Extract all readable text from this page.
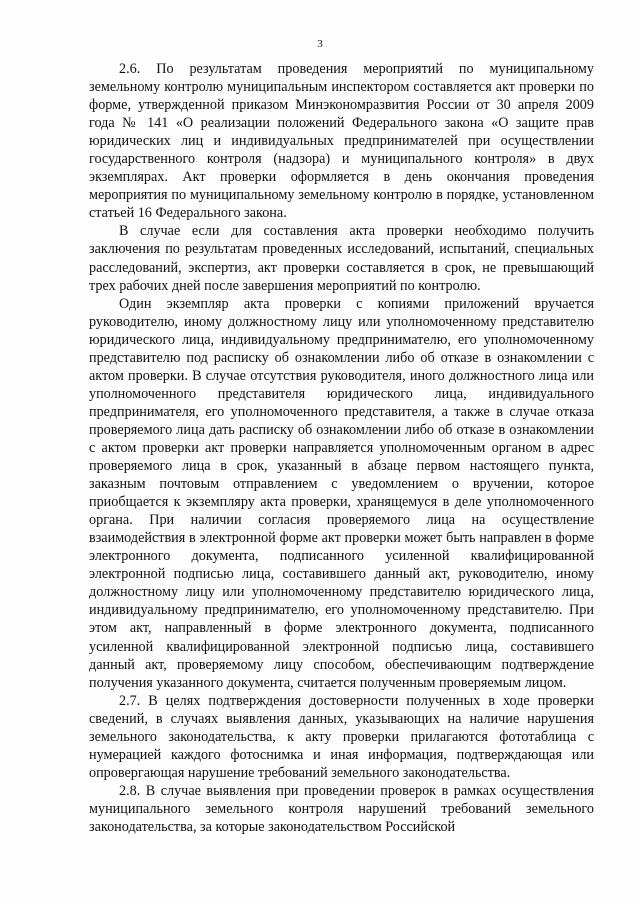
3

2.6. По результатам проведения мероприятий по муниципальному земельному контролю муниципальным инспектором составляется акт проверки по форме, утвержденной приказом Минэкономразвития России от 30 апреля 2009 года № 141 «О реализации положений Федерального закона «О защите прав юридических лиц и индивидуальных предпринимателей при осуществлении государственного контроля (надзора) и муниципального контроля» в двух экземплярах. Акт проверки оформляется в день окончания проведения мероприятия по муниципальному земельному контролю в порядке, установленном статьей 16 Федерального закона.

В случае если для составления акта проверки необходимо получить заключения по результатам проведенных исследований, испытаний, специальных расследований, экспертиз, акт проверки составляется в срок, не превышающий трех рабочих дней после завершения мероприятий по контролю.

Один экземпляр акта проверки с копиями приложений вручается руководителю, иному должностному лицу или уполномоченному представителю юридического лица, индивидуальному предпринимателю, его уполномоченному представителю под расписку об ознакомлении либо об отказе в ознакомлении с актом проверки. В случае отсутствия руководителя, иного должностного лица или уполномоченного представителя юридического лица, индивидуального предпринимателя, его уполномоченного представителя, а также в случае отказа проверяемого лица дать расписку об ознакомлении либо об отказе в ознакомлении с актом проверки акт проверки направляется уполномоченным органом в адрес проверяемого лица в срок, указанный в абзаце первом настоящего пункта, заказным почтовым отправлением с уведомлением о вручении, которое приобщается к экземпляру акта проверки, хранящемуся в деле уполномоченного органа. При наличии согласия проверяемого лица на осуществление взаимодействия в электронной форме акт проверки может быть направлен в форме электронного документа, подписанного усиленной квалифицированной электронной подписью лица, составившего данный акт, руководителю, иному должностному лицу или уполномоченному представителю юридического лица, индивидуальному предпринимателю, его уполномоченному представителю. При этом акт, направленный в форме электронного документа, подписанного усиленной квалифицированной электронной подписью лица, составившего данный акт, проверяемому лицу способом, обеспечивающим подтверждение получения указанного документа, считается полученным проверяемым лицом.

2.7. В целях подтверждения достоверности полученных в ходе проверки сведений, в случаях выявления данных, указывающих на наличие нарушения земельного законодательства, к акту проверки прилагаются фототаблица с нумерацией каждого фотоснимка и иная информация, подтверждающая или опровергающая нарушение требований земельного законодательства.

2.8. В случае выявления при проведении проверок в рамках осуществления муниципального земельного контроля нарушений требований земельного законодательства, за которые законодательством Российской
